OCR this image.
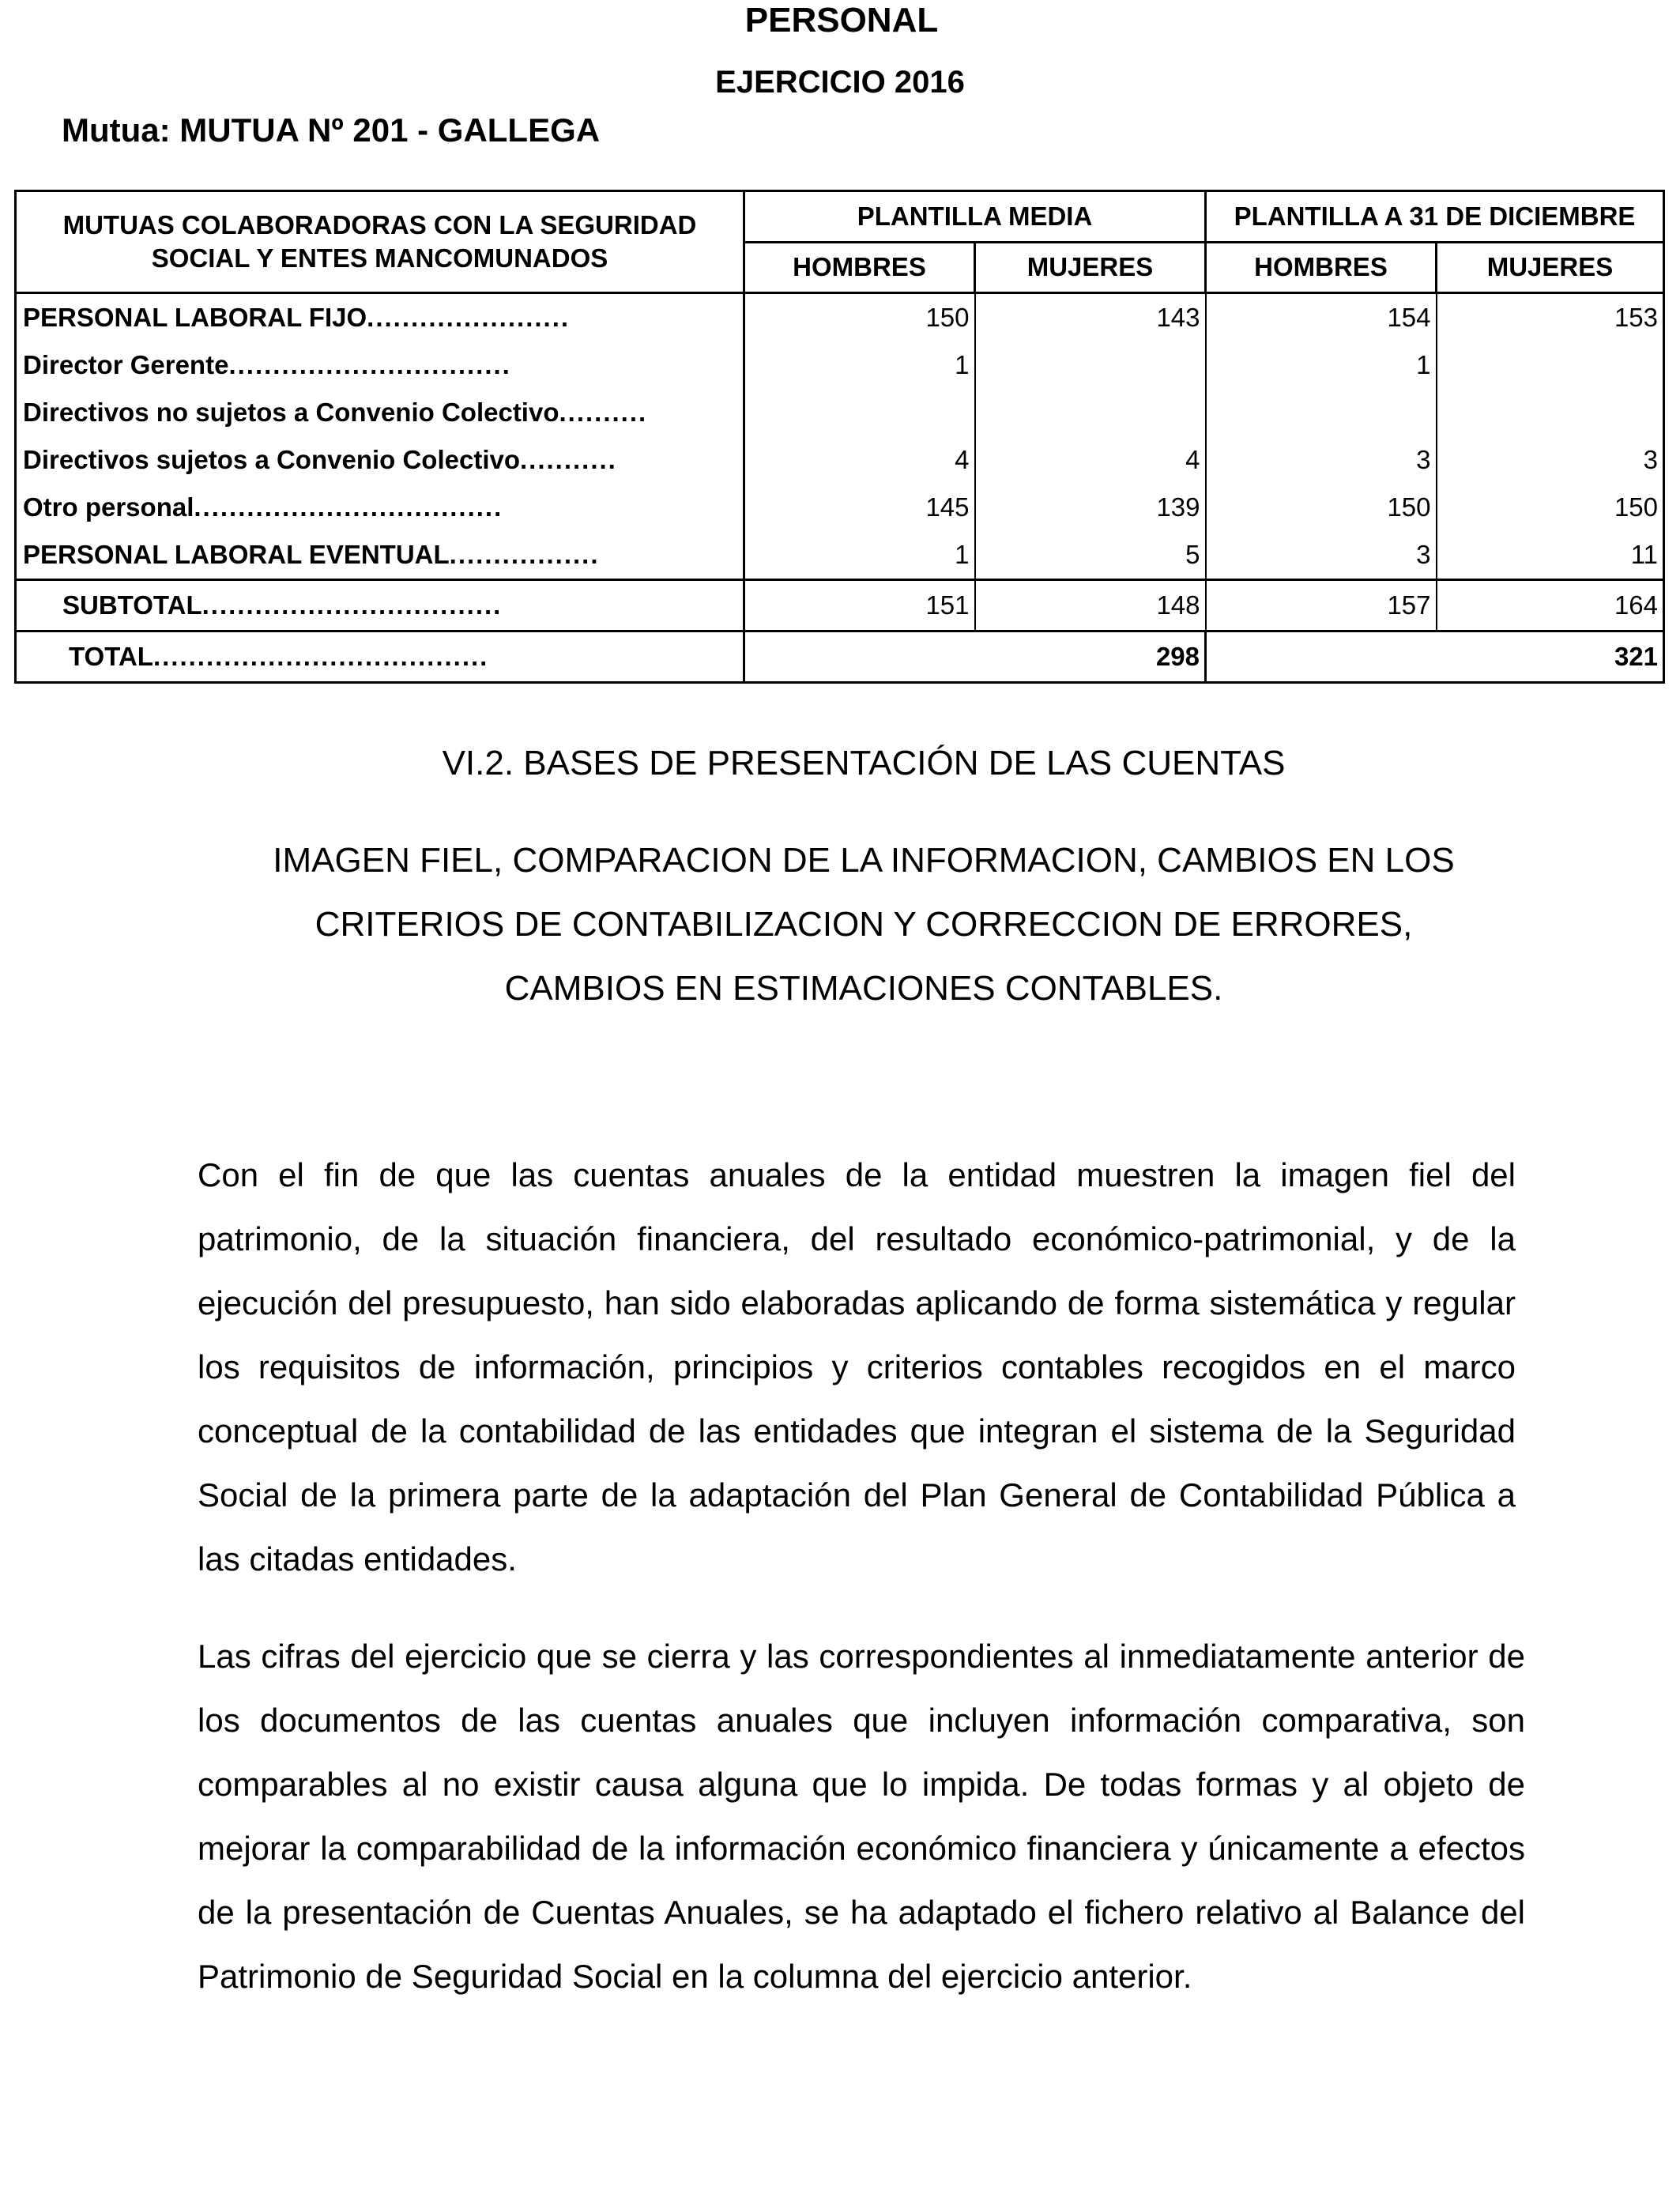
PERSONAL
EJERCICIO 2016
Mutua: MUTUA Nº 201 - GALLEGA
MUTUAS COLABORADORAS CON LA SEGURIDAD SOCIAL Y ENTES MANCOMUNADOS	PLANTILLA MEDIA		PLANTILLA A 31 DE DICIEMBRE	
	HOMBRES	MUJERES	HOMBRES	MUJERES
PERSONAL LABORAL FIJO.......................	150	143	154	153
Director Gerente................................	1		1	
Directivos no sujetos a Convenio Colectivo..........				
Directivos sujetos a Convenio Colectivo...........	4	4	3	3
Otro personal...................................	145	139	150	150
PERSONAL LABORAL EVENTUAL.................	1	5	3	11
SUBTOTAL..................................	151	148	157	164
TOTAL......................................	298		321	
VI.2. BASES DE PRESENTACIÓN DE LAS CUENTAS
IMAGEN FIEL, COMPARACION DE LA INFORMACION, CAMBIOS EN LOS
CRITERIOS DE CONTABILIZACION Y CORRECCION DE ERRORES,
CAMBIOS EN ESTIMACIONES CONTABLES.
Con el fin de que las cuentas anuales de la entidad muestren la imagen fiel del patrimonio, de la situación financiera, del resultado económico-patrimonial, y de la ejecución del presupuesto, han sido elaboradas aplicando de forma sistemática y regular los requisitos de información, principios y criterios contables recogidos en el marco conceptual de la contabilidad de las entidades que integran el sistema de la Seguridad Social de la primera parte de la adaptación del Plan General de Contabilidad Pública a las citadas entidades.
Las cifras del ejercicio que se cierra y las correspondientes al inmediatamente anterior de los documentos de las cuentas anuales que incluyen información comparativa, son comparables al no existir causa alguna que lo impida. De todas formas y al objeto de mejorar la comparabilidad de la información económico financiera y únicamente a efectos de la presentación de Cuentas Anuales, se ha adaptado el fichero relativo al Balance del Patrimonio de Seguridad Social en la columna del ejercicio anterior.
